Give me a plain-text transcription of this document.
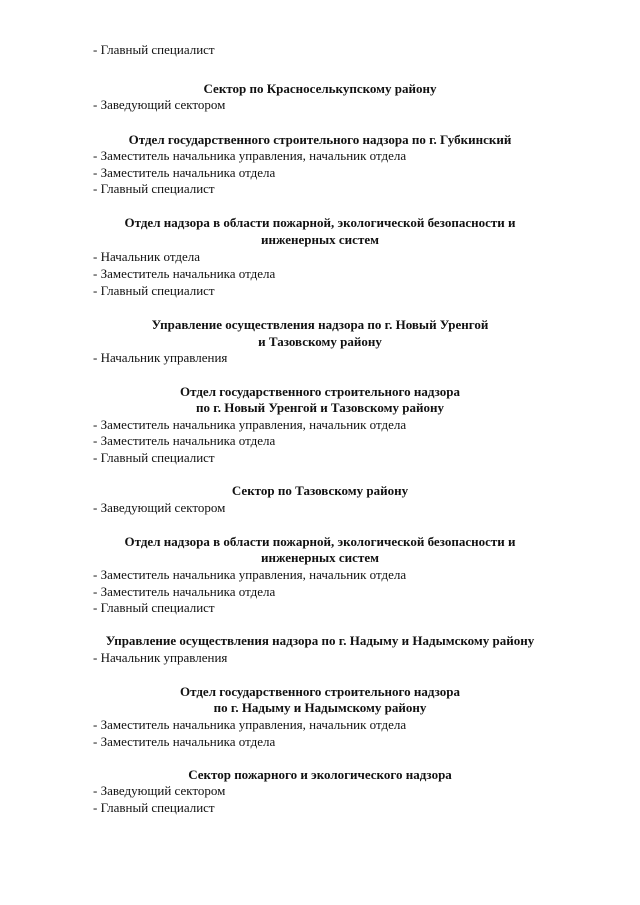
- Главный специалист
Сектор по Красноселькупскому району
- Заведующий сектором
Отдел государственного строительного надзора по г. Губкинский
- Заместитель начальника управления, начальник отдела
- Заместитель начальника отдела
- Главный специалист
Отдел надзора в области пожарной, экологической безопасности и
инженерных систем
- Начальник отдела
- Заместитель начальника отдела
- Главный специалист
Управление осуществления надзора по г. Новый Уренгой
и Тазовскому району
- Начальник управления
Отдел государственного строительного надзора
по г. Новый Уренгой и Тазовскому району
- Заместитель начальника управления, начальник отдела
- Заместитель начальника отдела
- Главный специалист
Сектор по Тазовскому району
- Заведующий сектором
Отдел надзора в области пожарной, экологической безопасности и
инженерных систем
- Заместитель начальника управления, начальник отдела
- Заместитель начальника отдела
- Главный специалист
Управление осуществления надзора по г. Надыму и Надымскому району
- Начальник управления
Отдел государственного строительного надзора
по г. Надыму и Надымскому району
- Заместитель начальника управления, начальник отдела
- Заместитель начальника отдела
Сектор пожарного и экологического надзора
- Заведующий сектором
- Главный специалист
